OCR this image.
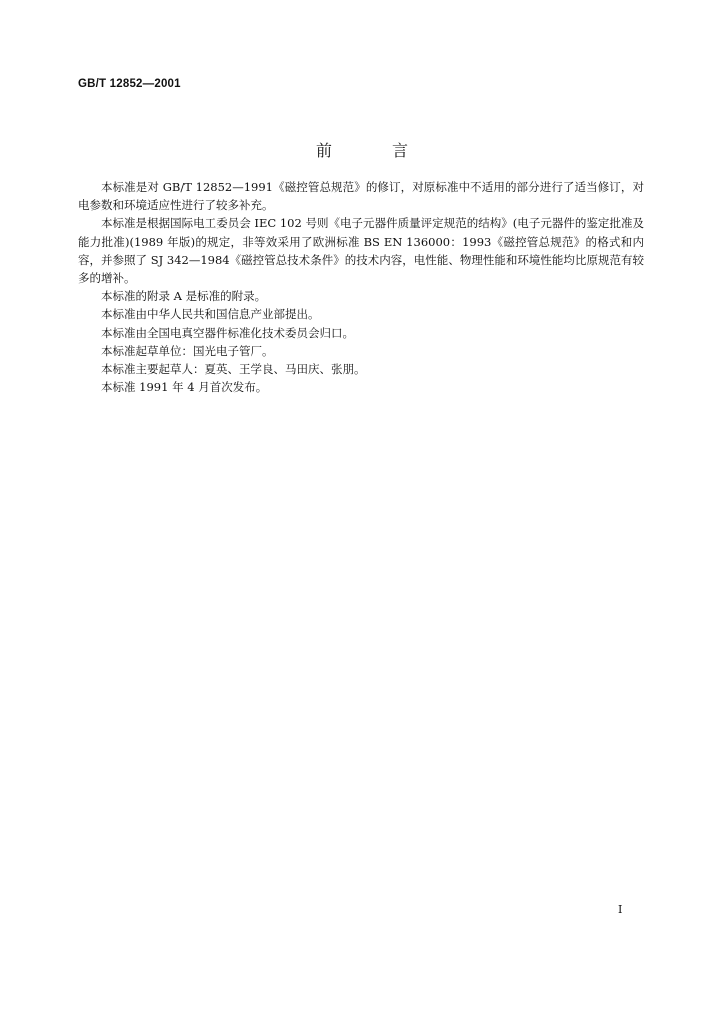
GB/T 12852—2001
前	言

本标准是对 GB/T 12852—1991《磁控管总规范》的修订，对原标准中不适用的部分进行了适当修订，对电参数和环境适应性进行了较多补充。

本标准是根据国际电工委员会 IEC 102 号则《电子元器件质量评定规范的结构》(电子元器件的鉴定批准及能力批准)(1989 年版)的规定，非等效采用了欧洲标准 BS EN 136000：1993《磁控管总规范》的格式和内容，并参照了 SJ 342—1984《磁控管总技术条件》的技术内容，电性能、物理性能和环境性能均比原规范有较多的增补。

本标准的附录 A 是标准的附录。

本标准由中华人民共和国信息产业部提出。

本标准由全国电真空器件标准化技术委员会归口。

本标准起草单位：国光电子管厂。

本标准主要起草人：夏英、王学良、马田庆、张朋。

本标准 1991 年 4 月首次发布。

I
